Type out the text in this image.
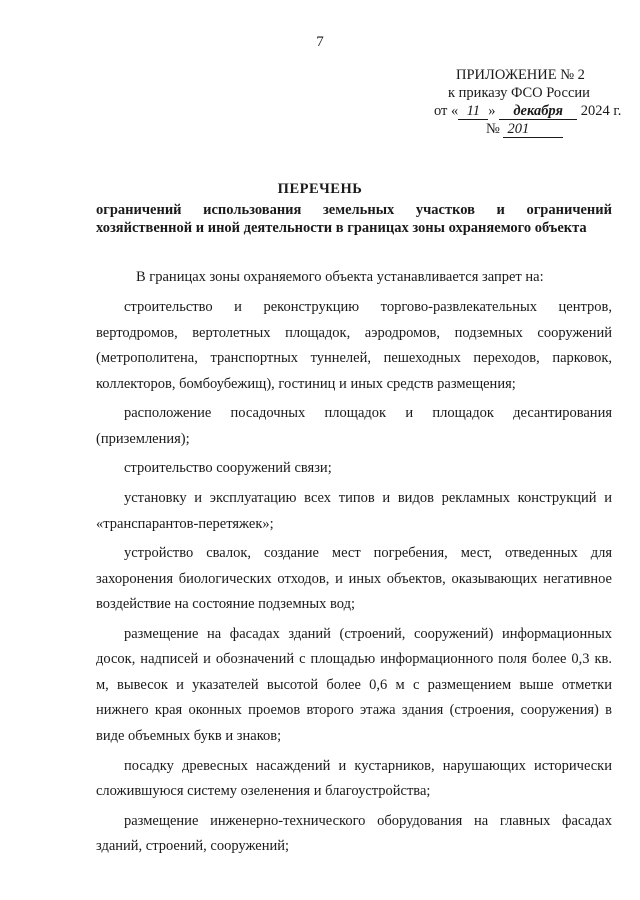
7
ПРИЛОЖЕНИЕ № 2
к приказу ФСО России
от « 11 » декабря 2024 г.
№ 201
ПЕРЕЧЕНЬ
ограничений использования земельных участков и ограничений
хозяйственной и иной деятельности в границах зоны охраняемого объекта

В границах зоны охраняемого объекта устанавливается запрет на:

строительство и реконструкцию торгово-развлекательных центров, вертодромов, вертолетных площадок, аэродромов, подземных сооружений (метрополитена, транспортных туннелей, пешеходных переходов, парковок, коллекторов, бомбоубежищ), гостиниц и иных средств размещения;

расположение посадочных площадок и площадок десантирования (приземления);

строительство сооружений связи;

установку и эксплуатацию всех типов и видов рекламных конструкций и «транспарантов-перетяжек»;

устройство свалок, создание мест погребения, мест, отведенных для захоронения биологических отходов, и иных объектов, оказывающих негативное воздействие на состояние подземных вод;

размещение на фасадах зданий (строений, сооружений) информационных досок, надписей и обозначений с площадью информационного поля более 0,3 кв. м, вывесок и указателей высотой более 0,6 м с размещением выше отметки нижнего края оконных проемов второго этажа здания (строения, сооружения) в виде объемных букв и знаков;

посадку древесных насаждений и кустарников, нарушающих исторически сложившуюся систему озеленения и благоустройства;

размещение инженерно-технического оборудования на главных фасадах зданий, строений, сооружений;
